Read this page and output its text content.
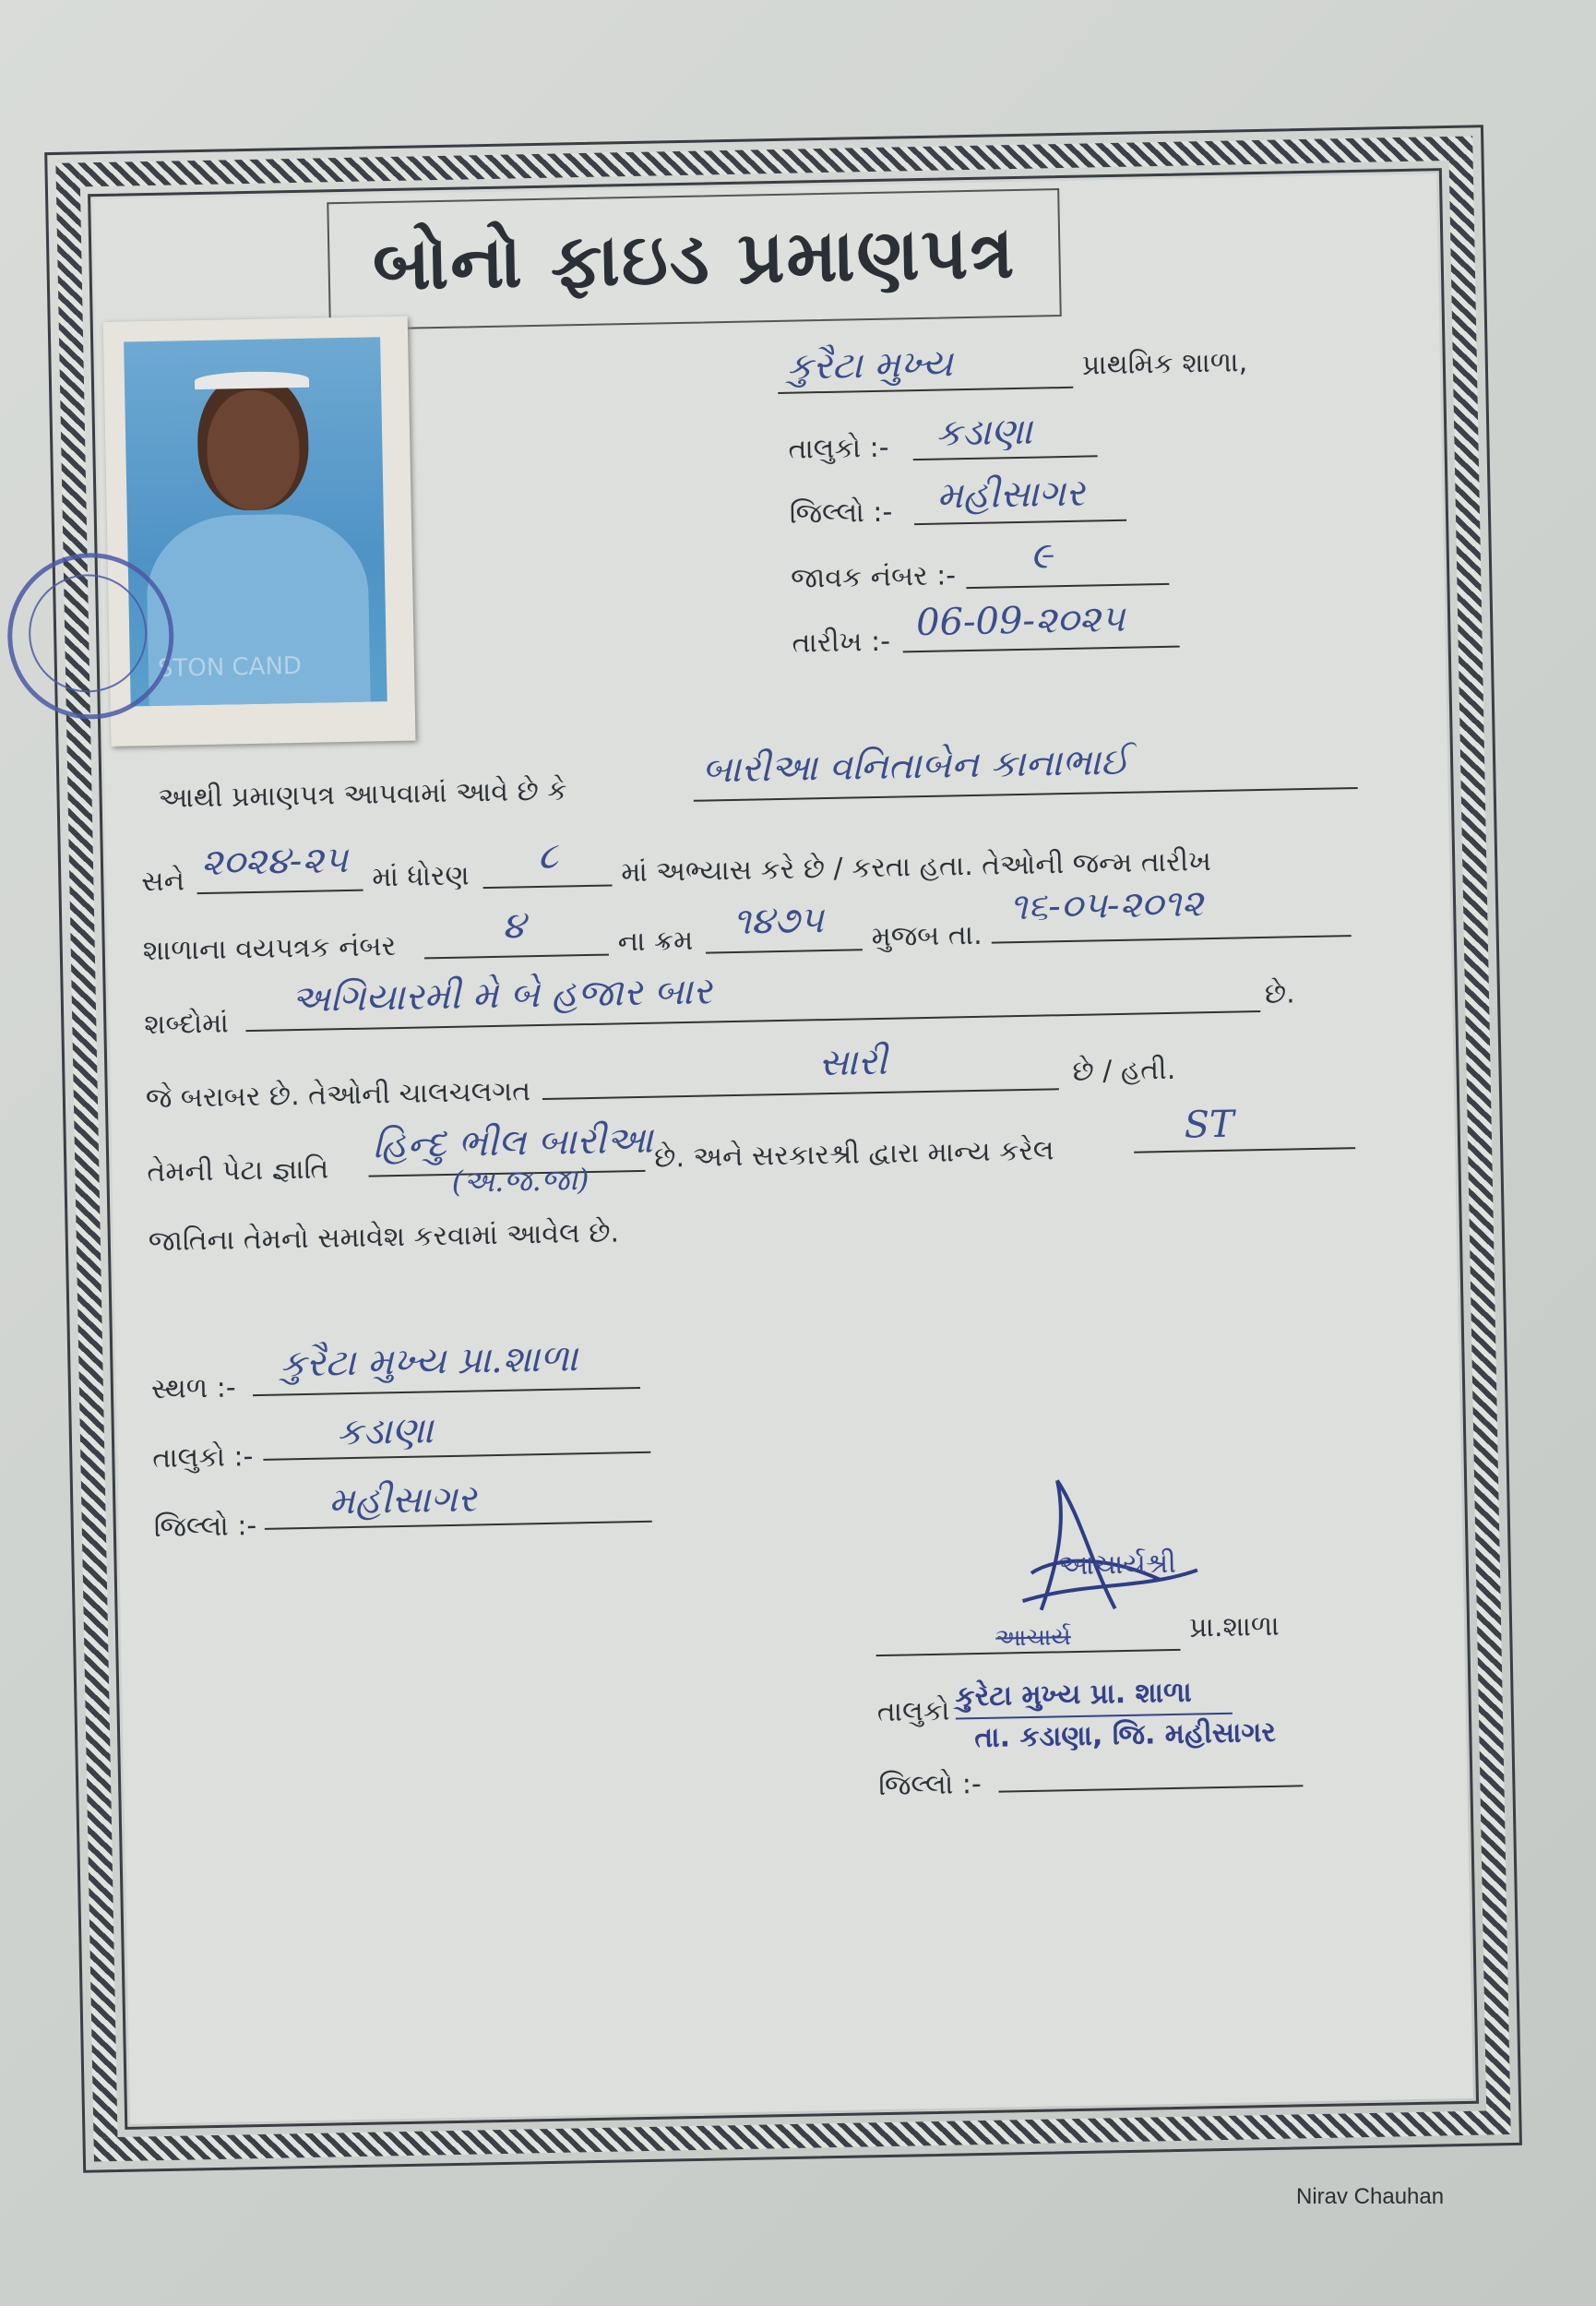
બોનો ફાઇડ પ્રમાણપત્ર
STON CAND
કુરૈટા મુખ્ય	પ્રાથમિક શાળા,
તાલુકો :- કડાણા
જિલ્લો :- મહીસાગર
જાવક નંબર :- ૯
તારીખ :- 06-09-૨૦૨૫
આથી પ્રમાણપત્ર આપવામાં આવે છે કે
બારીઆ વનિતાબેન કાનાભાઈ
સને ૨૦૨૪-૨૫ માં ધોરણ ૮ માં અભ્યાસ કરે છે / કરતા હતા. તેઓની જન્મ તારીખ
શાળાના વયપત્રક નંબર
૪	ના ક્રમ ૧૪૭૫ મુજબ તા.
૧૬-૦૫-૨૦૧૨
શબ્દોમાં
અગિયારમી મે બે હજાર બાર	છે.
જે બરાબર છે. તેઓની ચાલચલગત
સારી	છે / હતી.
તેમની પેટા જ્ઞાતિ
હિન્દુ ભીલ બારીઆ
(અ.જ.જા)
છે. અને સરકારશ્રી દ્વારા માન્ય કરેલ
ST
જાતિના તેમનો સમાવેશ કરવામાં આવેલ છે.
સ્થળ :-
કુરૈટા મુખ્ય પ્રા.શાળા
તાલુકો :-
કડાણા
જિલ્લો :-
મહીસાગર
આચાર્યશ્રી
આચાર્ય	પ્રા.શાળા
તાલુકો કુરેટા મુખ્ય પ્રા. શાળા
તા. કડાણા, જિ. મહીસાગર
જિલ્લો :-
Nirav Chauhan
